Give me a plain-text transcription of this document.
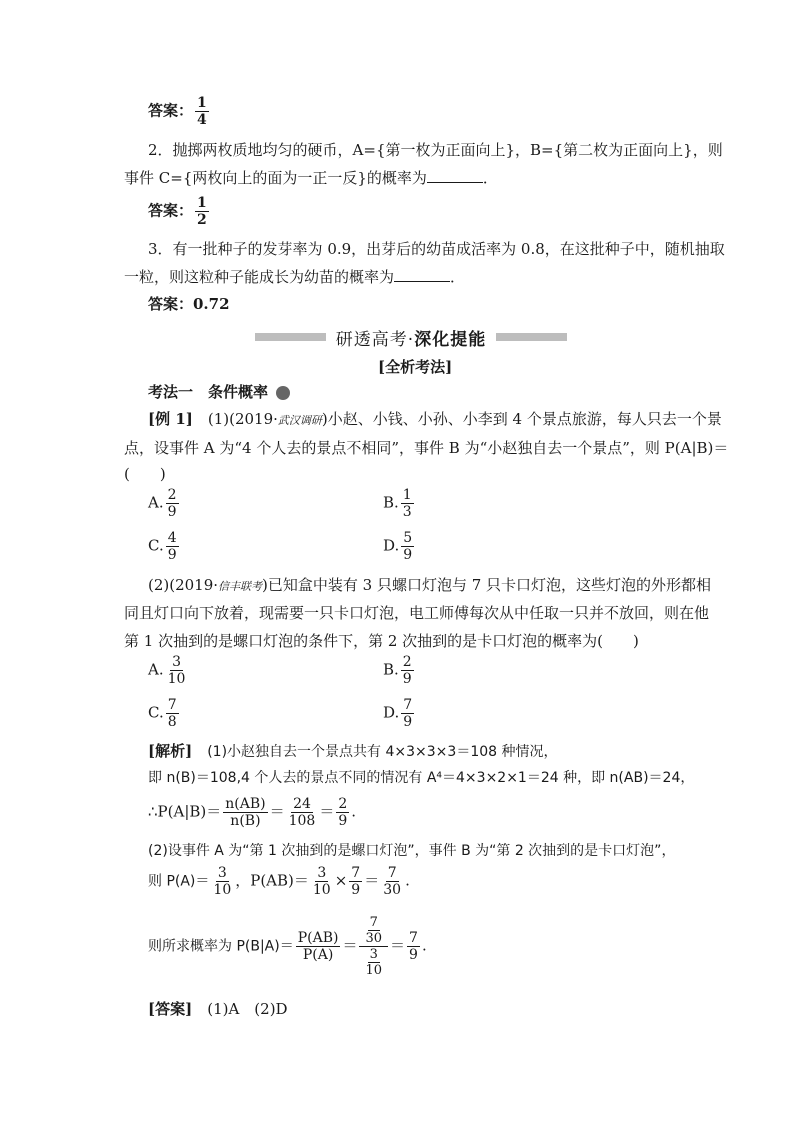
答案： $\frac{1}{4}$
2．抛掷两枚质地均匀的硬币，A={第一枚为正面向上}，B={第二枚为正面向上}，则
事件 C={两枚向上的面为一正一反}的概率为	．
答案： $\frac{1}{2}$
3．有一批种子的发芽率为 0.9，出芽后的幼苗成活率为 0.8，在这批种子中，随机抽取
一粒，则这粒种子能成长为幼苗的概率为	．
答案：0.72
研透高考·深化提能
[全析考法]
考法一　条件概率
[例 1]　 (1)(2019·武汉调研)小赵、小钱、小孙、小李到 4 个景点旅游，每人只去一个景
点，设事件 A 为“4 个人去的景点不相同”，事件 B 为“小赵独自去一个景点”，则 P(A|B)＝
(　　)
A. $\frac{2}{9}$	B. $\frac{1}{3}$
C. $\frac{4}{9}$	D. $\frac{5}{9}$
(2)(2019·信丰联考)已知盒中装有 3 只螺口灯泡与 7 只卡口灯泡，这些灯泡的外形都相
同且灯口向下放着，现需要一只卡口灯泡，电工师傅每次从中任取一只并不放回，则在他
第 1 次抽到的是螺口灯泡的条件下，第 2 次抽到的是卡口灯泡的概率为(　　)
A. $\frac{3}{10}$	B. $\frac{2}{9}$
C. $\frac{7}{8}$	D. $\frac{7}{9}$
[解析]　 (1)小赵独自去一个景点共有 4×3×3×3＝108 种情况，
即 n(B)＝108,4 个人去的景点不同的情况有 A⁴＝4×3×2×1＝24 种，即 n(AB)＝24，
∴P(A|B)＝ $\frac{n(AB)}{n(B)} = \frac{24}{108} = \frac{2}{9}$ .
(2)设事件 A 为“第 1 次抽到的是螺口灯泡”，事件 B 为“第 2 次抽到的是卡口灯泡”，
则 $P(A)= \frac{3}{10}$ ，$P(AB)= \frac{3}{10} \times \frac{7}{9} = \frac{7}{30}$ .
则所求概率为 $P(B|A)= \frac{P(AB)}{P(A)} = \frac{\frac{7}{30}}{\frac{3}{10}} = \frac{7}{9}$ .
[答案]　 (1)A　(2)D
